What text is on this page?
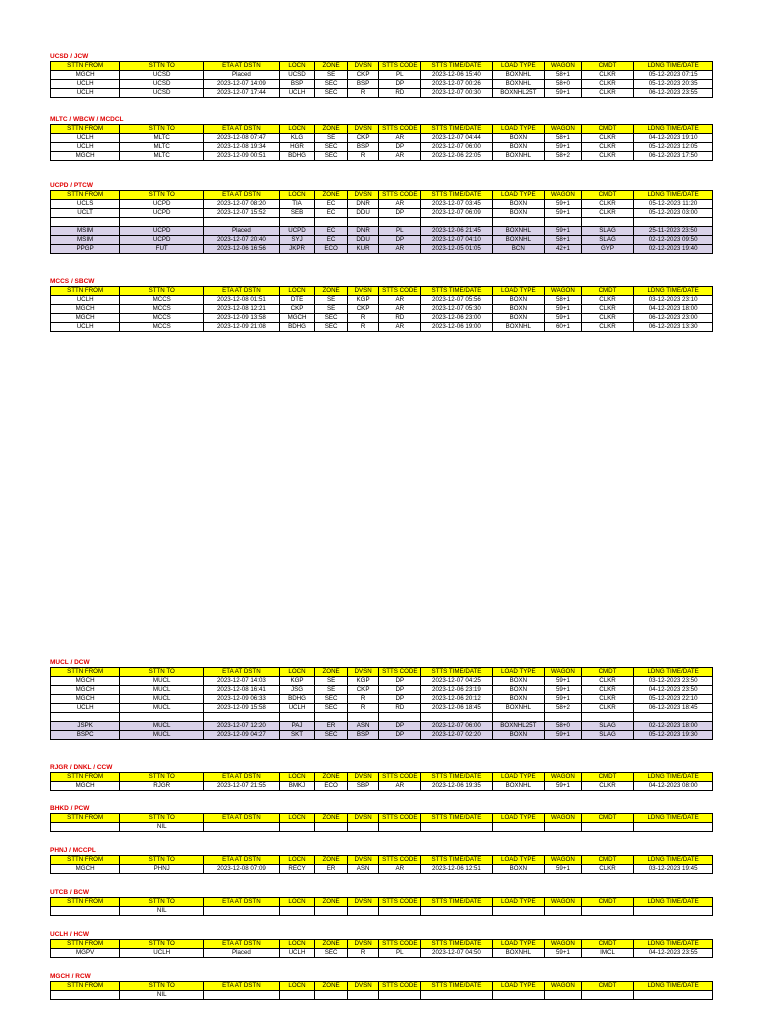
UCSD / JCW
STTN FROM	STTN TO	ETA AT DSTN	LOCN	ZONE	DVSN	STTS CODE	STTS TIME/DATE	LOAD TYPE	WAGON	CMDT	LDNG TIME/DATE
MGCH	UCSD	Placed	UCSD	SE	CKP	PL	2023-12-06 15:40	BOXNHL	58+1	CLKR	05-12-2023 07:15
UCLH	UCSD	2023-12-07 14:09	BSP	SEC	BSP	DP	2023-12-07 00:26	BOXNHL	58+0	CLKR	05-12-2023 20:35
UCLH	UCSD	2023-12-07 17:44	UCLH	SEC	R	RD	2023-12-07 00:30	BOXNHL25T	59+1	CLKR	06-12-2023 23:55
MLTC / WBCW / MCDCL
STTN FROM	STTN TO	ETA AT DSTN	LOCN	ZONE	DVSN	STTS CODE	STTS TIME/DATE	LOAD TYPE	WAGON	CMDT	LDNG TIME/DATE
UCLH	MLTC	2023-12-08 07:47	KLG	SE	CKP	AR	2023-12-07 04:44	BOXN	58+1	CLKR	04-12-2023 19:10
UCLH	MLTC	2023-12-08 19:34	HGR	SEC	BSP	DP	2023-12-07 06:00	BOXN	59+1	CLKR	05-12-2023 12:05
MGCH	MLTC	2023-12-09 00:51	BDHG	SEC	R	AR	2023-12-06 22:05	BOXNHL	58+2	CLKR	06-12-2023 17:50
UCPD / PTCW
STTN FROM	STTN TO	ETA AT DSTN	LOCN	ZONE	DVSN	STTS CODE	STTS TIME/DATE	LOAD TYPE	WAGON	CMDT	LDNG TIME/DATE
UCLS	UCPD	2023-12-07 08:20	TIA	EC	DNR	AR	2023-12-07 03:45	BOXN	59+1	CLKR	05-12-2023 11:20
UCLT	UCPD	2023-12-07 15:52	SEB	EC	DDU	DP	2023-12-07 06:09	BOXN	59+1	CLKR	05-12-2023 03:00

MSIM	UCPD	Placed	UCPD	EC	DNR	PL	2023-12-06 21:45	BOXNHL	59+1	SLAG	25-11-2023 23:50
MSIM	UCPD	2023-12-07 20:40	SYJ	EC	DDU	DP	2023-12-07 04:10	BOXNHL	58+1	SLAG	02-12-2023 09:50
PPGP	FUT	2023-12-06 16:56	JKPR	ECO	KUR	AR	2023-12-05 01:05	BCN	42+1	GYP	02-12-2023 19:40
MCCS / SBCW
STTN FROM	STTN TO	ETA AT DSTN	LOCN	ZONE	DVSN	STTS CODE	STTS TIME/DATE	LOAD TYPE	WAGON	CMDT	LDNG TIME/DATE
UCLH	MCCS	2023-12-08 01:51	DTE	SE	KGP	AR	2023-12-07 05:56	BOXN	58+1	CLKR	03-12-2023 23:10
MGCH	MCCS	2023-12-08 12:21	CKP	SE	CKP	AR	2023-12-07 05:30	BOXN	59+1	CLKR	04-12-2023 18:00
MGCH	MCCS	2023-12-09 13:58	MGCH	SEC	R	RD	2023-12-06 23:00	BOXN	59+1	CLKR	06-12-2023 23:00
UCLH	MCCS	2023-12-09 21:08	BDHG	SEC	R	AR	2023-12-06 19:00	BOXNHL	60+1	CLKR	06-12-2023 13:30
MUCL / DCW
STTN FROM	STTN TO	ETA AT DSTN	LOCN	ZONE	DVSN	STTS CODE	STTS TIME/DATE	LOAD TYPE	WAGON	CMDT	LDNG TIME/DATE
MGCH	MUCL	2023-12-07 14:03	KGP	SE	KGP	DP	2023-12-07 04:25	BOXN	59+1	CLKR	03-12-2023 23:50
MGCH	MUCL	2023-12-08 16:41	JSG	SE	CKP	DP	2023-12-06 23:19	BOXN	59+1	CLKR	04-12-2023 23:50
MGCH	MUCL	2023-12-09 06:33	BDHG	SEC	R	DP	2023-12-06 20:12	BOXN	59+1	CLKR	05-12-2023 22:10
UCLH	MUCL	2023-12-09 15:58	UCLH	SEC	R	RD	2023-12-06 18:45	BOXNHL	58+2	CLKR	06-12-2023 18:45

JSPK	MUCL	2023-12-07 12:20	PAJ	ER	ASN	DP	2023-12-07 06:00	BOXNHL25T	58+0	SLAG	02-12-2023 18:00
BSPC	MUCL	2023-12-09 04:27	SKT	SEC	BSP	DP	2023-12-07 02:20	BOXN	59+1	SLAG	05-12-2023 19:30
RJGR / DNKL / CCW
STTN FROM	STTN TO	ETA AT DSTN	LOCN	ZONE	DVSN	STTS CODE	STTS TIME/DATE	LOAD TYPE	WAGON	CMDT	LDNG TIME/DATE
MGCH	RJGR	2023-12-07 21:55	BMKJ	ECO	SBP	AR	2023-12-06 19:35	BOXNHL	59+1	CLKR	04-12-2023 08:00
BHKD / PCW
STTN FROM	STTN TO	ETA AT DSTN	LOCN	ZONE	DVSN	STTS CODE	STTS TIME/DATE	LOAD TYPE	WAGON	CMDT	LDNG TIME/DATE
	NIL										
PHNJ / MCCPL
STTN FROM	STTN TO	ETA AT DSTN	LOCN	ZONE	DVSN	STTS CODE	STTS TIME/DATE	LOAD TYPE	WAGON	CMDT	LDNG TIME/DATE
MGCH	PHNJ	2023-12-08 07:09	RECY	ER	ASN	AR	2023-12-06 12:51	BOXN	59+1	CLKR	03-12-2023 19:45
UTCB / BCW
STTN FROM	STTN TO	ETA AT DSTN	LOCN	ZONE	DVSN	STTS CODE	STTS TIME/DATE	LOAD TYPE	WAGON	CMDT	LDNG TIME/DATE
	NIL										
UCLH / HCW
STTN FROM	STTN TO	ETA AT DSTN	LOCN	ZONE	DVSN	STTS CODE	STTS TIME/DATE	LOAD TYPE	WAGON	CMDT	LDNG TIME/DATE
MGPV	UCLH	Placed	UCLH	SEC	R	PL	2023-12-07 04:50	BOXNHL	59+1	IMCL	04-12-2023 23:55
MGCH / RCW
STTN FROM	STTN TO	ETA AT DSTN	LOCN	ZONE	DVSN	STTS CODE	STTS TIME/DATE	LOAD TYPE	WAGON	CMDT	LDNG TIME/DATE
	NIL										
